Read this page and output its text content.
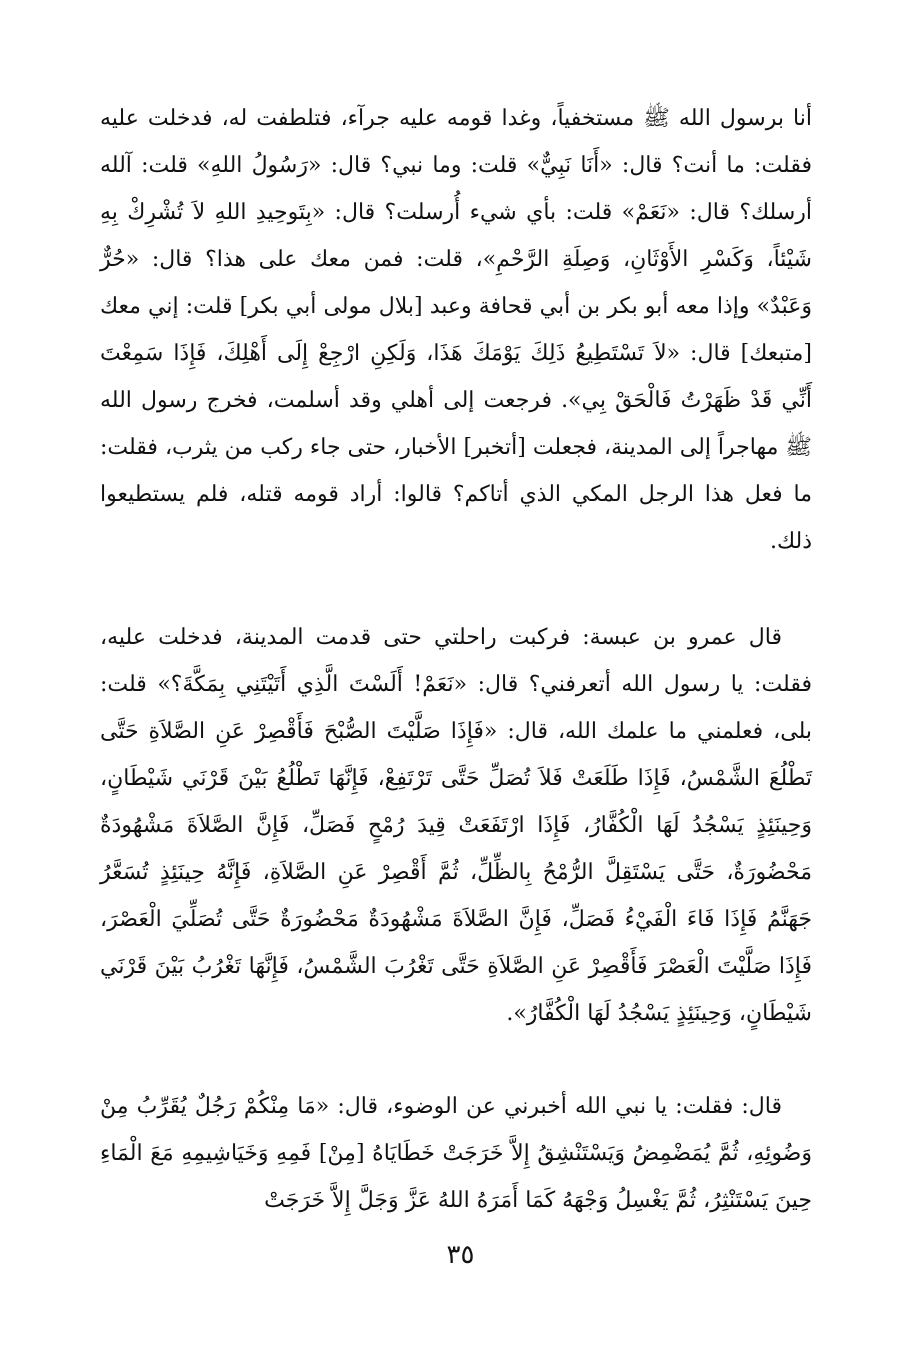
أنا برسول الله ﷺ مستخفياً، وغدا قومه عليه جرآء، فتلطفت له، فدخلت عليه فقلت: ما أنت؟ قال: «أَنَا نَبِيٌّ» قلت: وما نبي؟ قال: «رَسُولُ اللهِ» قلت: آلله أرسلك؟ قال: «نَعَمْ» قلت: بأي شيء أُرسلت؟ قال: «بِتَوحِيدِ اللهِ لاَ تُشْرِكْ بِهِ شَيْئاً، وَكَسْرِ الأَوْثَانِ، وَصِلَةِ الرَّحْمِ»، قلت: فمن معك على هذا؟ قال: «حُرٌّ وَعَبْدٌ» وإذا معه أبو بكر بن أبي قحافة وعبد [بلال مولى أبي بكر] قلت: إني معك [متبعك] قال: «لاَ تَسْتَطِيعُ ذَلِكَ يَوْمَكَ هَذَا، وَلَكِنِ ارْجِعْ إِلَى أَهْلِكَ، فَإِذَا سَمِعْتَ أَنِّي قَدْ ظَهَرْتُ فَالْحَقْ بِي». فرجعت إلى أهلي وقد أسلمت، فخرج رسول الله ﷺ مهاجراً إلى المدينة، فجعلت [أتخبر] الأخبار، حتى جاء ركب من يثرب، فقلت: ما فعل هذا الرجل المكي الذي أتاكم؟ قالوا: أراد قومه قتله، فلم يستطيعوا ذلك.

قال عمرو بن عبسة: فركبت راحلتي حتى قدمت المدينة، فدخلت عليه، فقلت: يا رسول الله أتعرفني؟ قال: «نَعَمْ! أَلَسْتَ الَّذِي أَتَيْتَنِي بِمَكَّةَ؟» قلت: بلى، فعلمني ما علمك الله، قال: «فَإِذَا صَلَّيْتَ الصُّبْحَ فَأَقْصِرْ عَنِ الصَّلاَةِ حَتَّى تَطْلُعَ الشَّمْسُ، فَإِذَا طَلَعَتْ فَلاَ تُصَلِّ حَتَّى تَرْتَفِعْ، فَإِنَّهَا تَطْلُعُ بَيْنَ قَرْنَي شَيْطَانٍ، وَحِينَئِذٍ يَسْجُدُ لَهَا الْكُفَّارُ، فَإِذَا ارْتَفَعَتْ قِيدَ رُمْحٍ فَصَلِّ، فَإِنَّ الصَّلاَةَ مَشْهُودَةٌ مَحْضُورَةٌ، حَتَّى يَسْتَقِلَّ الرُّمْحُ بِالظِّلِّ، ثُمَّ أَقْصِرْ عَنِ الصَّلاَةِ، فَإِنَّهُ حِينَئِذٍ تُسَعَّرُ جَهَنَّمُ فَإِذَا فَاءَ الْفَيْءُ فَصَلِّ، فَإِنَّ الصَّلاَةَ مَشْهُودَةٌ مَحْضُورَةٌ حَتَّى تُصَلِّيَ الْعَصْرَ، فَإِذَا صَلَّيْتَ الْعَصْرَ فَأَقْصِرْ عَنِ الصَّلاَةِ حَتَّى تَغْرُبَ الشَّمْسُ، فَإِنَّهَا تَغْرُبُ بَيْنَ قَرْنَي شَيْطَانٍ، وَحِينَئِذٍ يَسْجُدُ لَهَا الْكُفَّارُ».

قال: فقلت: يا نبي الله أخبرني عن الوضوء، قال: «مَا مِنْكُمْ رَجُلٌ يُقَرِّبُ مِنْ وَضُوئِهِ، ثُمَّ يُمَضْمِضُ وَيَسْتَنْشِقُ إِلاَّ خَرَجَتْ خَطَايَاهُ [مِنْ] فَمِهِ وَخَيَاشِيمِهِ مَعَ الْمَاءِ حِينَ يَسْتَنْثِرُ، ثُمَّ يَغْسِلُ وَجْهَهُ كَمَا أَمَرَهُ اللهُ عَزَّ وَجَلَّ إِلاَّ خَرَجَتْ

٣٥
